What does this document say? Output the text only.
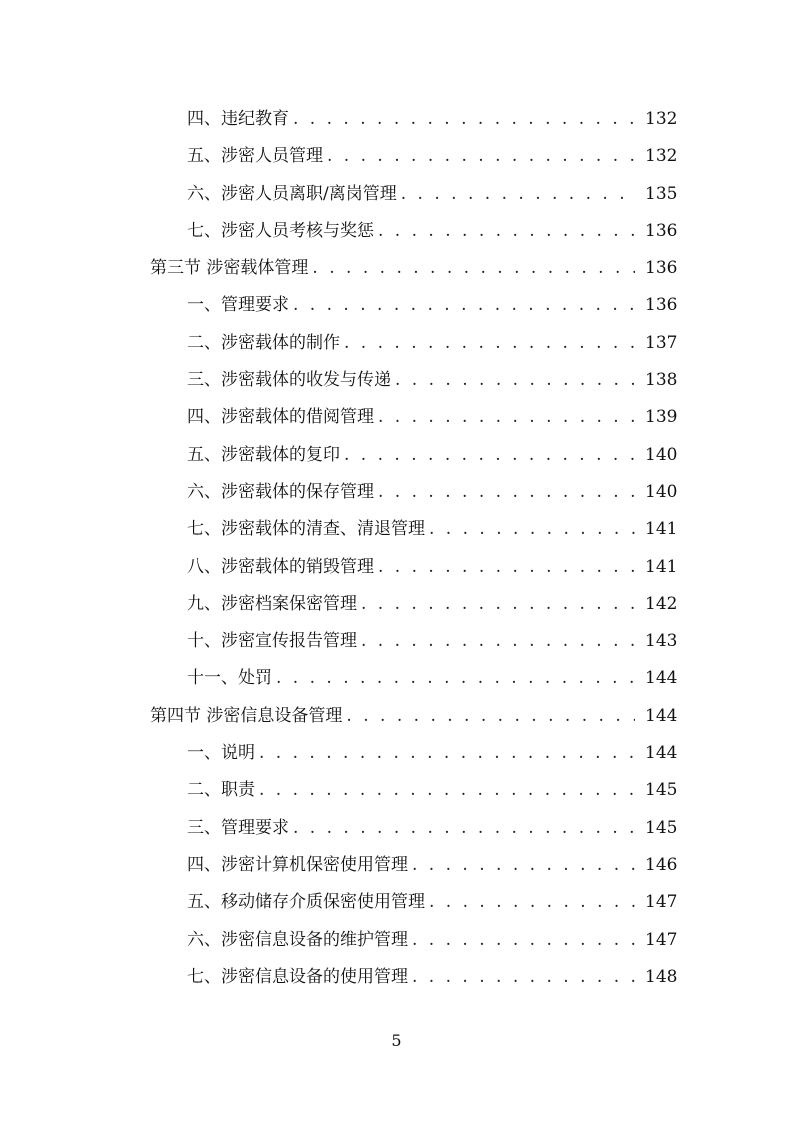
四、违纪教育 . . .	132
五、涉密人员管理 . . .	132
六、涉密人员离职/离岗管理 . . .	135
七、涉密人员考核与奖惩 . . .	136
第三节 涉密载体管理 . . .	136
一、管理要求 . . .	136
二、涉密载体的制作 . . .	137
三、涉密载体的收发与传递 . . .	138
四、涉密载体的借阅管理 . . .	139
五、涉密载体的复印 . . .	140
六、涉密载体的保存管理 . . .	140
七、涉密载体的清查、清退管理 . . .	141
八、涉密载体的销毁管理 . . .	141
九、涉密档案保密管理 . . .	142
十、涉密宣传报告管理 . . .	143
十一、处罚 . . .	144
第四节 涉密信息设备管理 . . .	144
一、说明 . . .	144
二、职责 . . .	145
三、管理要求 . . .	145
四、涉密计算机保密使用管理 . . .	146
五、移动储存介质保密使用管理 . . .	147
六、涉密信息设备的维护管理 . . .	147
七、涉密信息设备的使用管理 . . .	148
5
